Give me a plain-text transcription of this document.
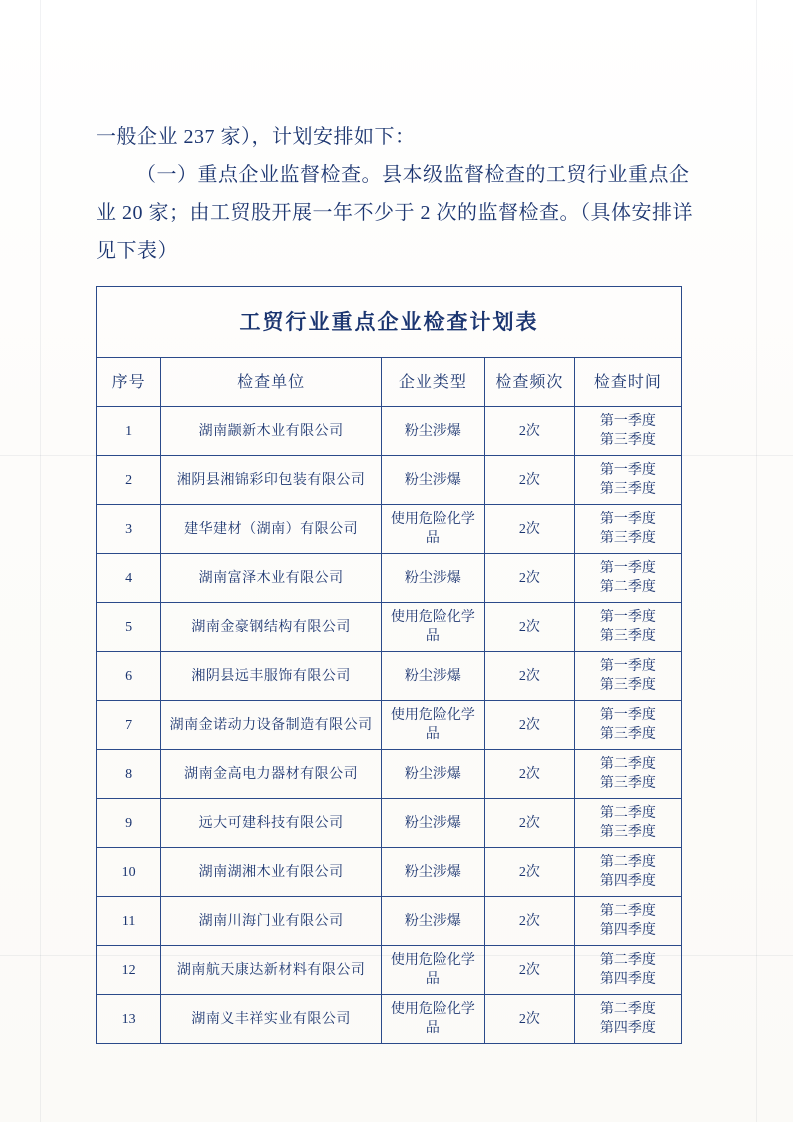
一般企业 237 家），计划安排如下：
（一）重点企业监督检查。县本级监督检查的工贸行业重点企业 20 家；由工贸股开展一年不少于 2 次的监督检查。（具体安排详见下表）
工贸行业重点企业检查计划表				
序号	检查单位	企业类型	检查频次	检查时间
1	湖南颛新木业有限公司	粉尘涉爆	2次	第一季度
第三季度

2	湘阴县湘锦彩印包装有限公司	粉尘涉爆	2次	第一季度
第三季度

3	建华建材（湖南）有限公司	使用危险化学品	2次	第一季度
第三季度

4	湖南富泽木业有限公司	粉尘涉爆	2次	第一季度
第二季度

5	湖南金豪钢结构有限公司	使用危险化学品	2次	第一季度
第三季度

6	湘阴县远丰服饰有限公司	粉尘涉爆	2次	第一季度
第三季度

7	湖南金诺动力设备制造有限公司	使用危险化学品	2次	第一季度
第三季度

8	湖南金高电力器材有限公司	粉尘涉爆	2次	第二季度
第三季度

9	远大可建科技有限公司	粉尘涉爆	2次	第二季度
第三季度

10	湖南湖湘木业有限公司	粉尘涉爆	2次	第二季度
第四季度

11	湖南川海门业有限公司	粉尘涉爆	2次	第二季度
第四季度

12	湖南航天康达新材料有限公司	使用危险化学品	2次	第二季度
第四季度

13	湖南义丰祥实业有限公司	使用危险化学品	2次	第二季度
第四季度
